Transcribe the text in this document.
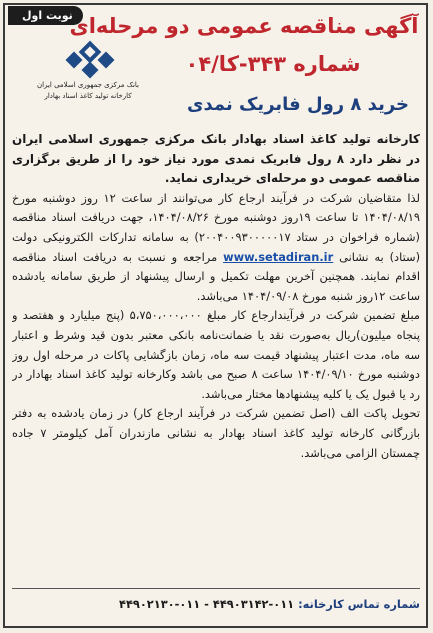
نوبت اول
آگهی مناقصه عمومی دو مرحله‌ای
شماره ۳۴۳-کا/۰۴
بانک مرکزی جمهوری اسلامی ایران
کارخانه تولید کاغذ اسناد بهادار	خرید ۸ رول فابریک نمدی

کارخانه تولید کاغذ اسناد بهادار بانک مرکزی جمهوری اسلامی ایران در نظر دارد ۸ رول فابریک نمدی مورد نیاز خود را از طریق برگزاری مناقصه عمومی دو مرحله‌ای خریداری نماید.

لذا متقاضیان شرکت در فرآیند ارجاع کار می‌توانند از ساعت ۱۲ روز دوشنبه مورخ ۱۴۰۴/۰۸/۱۹ تا ساعت ۱۹روز دوشنبه مورخ ۱۴۰۴/۰۸/۲۶، جهت دریافت اسناد مناقصه (شماره فراخوان در ستاد ۲۰۰۴۰۰۹۳۰۰۰۰۰۱۷) به سامانه تدارکات الکترونیکی دولت (ستاد) به نشانی www.setadiran.ir مراجعه و نسبت به دریافت اسناد مناقصه اقدام نمایند. همچنین آخرین مهلت تکمیل و ارسال پیشنهاد از طریق سامانه یادشده ساعت ۱۲روز شنبه مورخ ۱۴۰۴/۰۹/۰۸ می‌باشد.

مبلغ تضمین شرکت در فرآیندارجاع کار مبلغ ۵،۷۵۰،۰۰۰،۰۰۰ (پنج میلیارد و هفتصد و پنجاه میلیون)ریال به‌صورت نقد یا ضمانت‌نامه بانکی معتبر بدون قید وشرط و اعتبار سه ماه، مدت اعتبار پیشنهاد قیمت سه ماه، زمان بازگشایی پاکات در مرحله اول روز دوشنبه مورخ ۱۴۰۴/۰۹/۱۰ ساعت ۸ صبح می باشد وکارخانه تولید کاغذ اسناد بهادار در رد یا قبول یک یا کلیه پیشنهادها مختار می‌باشد.

تحویل پاکت الف (اصل تضمین شرکت در فرآیند ارجاع کار) در زمان یادشده به دفتر بازرگانی کارخانه تولید کاغذ اسناد بهادار به نشانی مازندران آمل کیلومتر ۷ جاده چمستان الزامی می‌باشد.

شماره تماس کارخانه: ۰۱۱-۴۴۹۰۳۱۴۲ - ۰۱۱-۴۴۹۰۲۱۳۰
